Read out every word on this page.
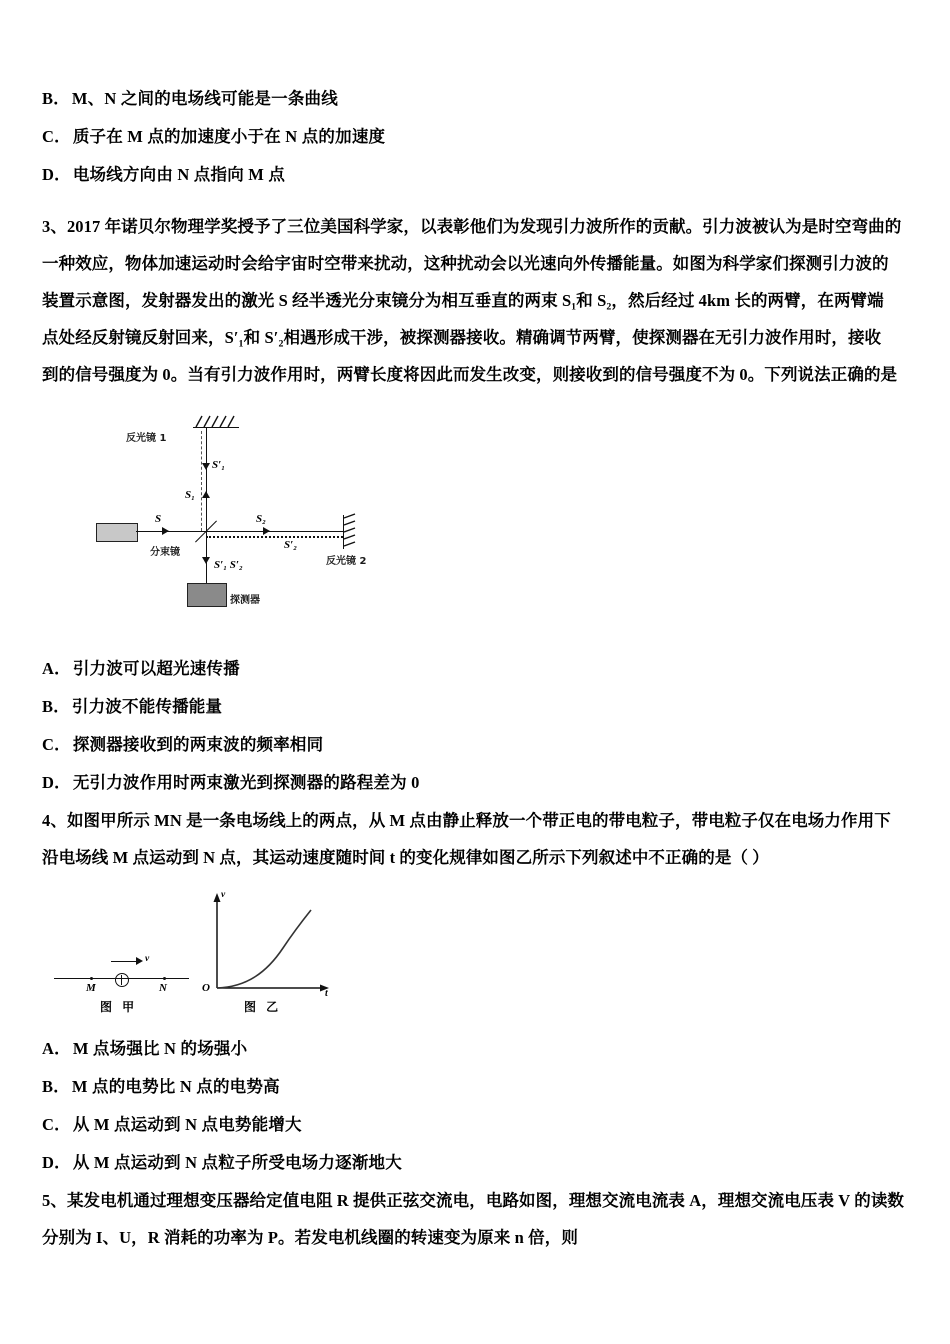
B． M、N 之间的电场线可能是一条曲线
C． 质子在 M 点的加速度小于在 N 点的加速度
D． 电场线方向由 N 点指向 M 点
3、2017 年诺贝尔物理学奖授予了三位美国科学家，以表彰他们为发现引力波所作的贡献。引力波被认为是时空弯曲的
一种效应，物体加速运动时会给宇宙时空带来扰动，这种扰动会以光速向外传播能量。如图为科学家们探测引力波的
装置示意图，发射器发出的激光 S 经半透光分束镜分为相互垂直的两束 S₁和 S₂，然后经过 4km 长的两臂，在两臂端
点处经反射镜反射回来，S′₁和 S′₂相遇形成干涉，被探测器接收。精确调节两臂，使探测器在无引力波作用时，接收
到的信号强度为 0。当有引力波作用时，两臂长度将因此而发生改变，则接收到的信号强度不为 0。下列说法正确的是
反光镜 1
S′₁
S₁
S
分束镜
S₂
S′₂
反光镜 2
S′₁ S′₂
探测器
A． 引力波可以超光速传播
B． 引力波不能传播能量
C． 探测器接收到的两束波的频率相同
D． 无引力波作用时两束激光到探测器的路程差为 0
4、如图甲所示 MN 是一条电场线上的两点，从 M 点由静止释放一个带正电的带电粒子，带电粒子仅在电场力作用下
沿电场线 M 点运动到 N 点，其运动速度随时间 t 的变化规律如图乙所示下列叙述中不正确的是（ ）
M	N
v
图 甲
v
t
O
图 乙
A． M 点场强比 N 的场强小
B． M 点的电势比 N 点的电势高
C． 从 M 点运动到 N 点电势能增大
D． 从 M 点运动到 N 点粒子所受电场力逐渐地大
5、某发电机通过理想变压器给定值电阻 R 提供正弦交流电，电路如图，理想交流电流表 A，理想交流电压表 V 的读数
分别为 I、U，R 消耗的功率为 P。若发电机线圈的转速变为原来 n 倍，则
